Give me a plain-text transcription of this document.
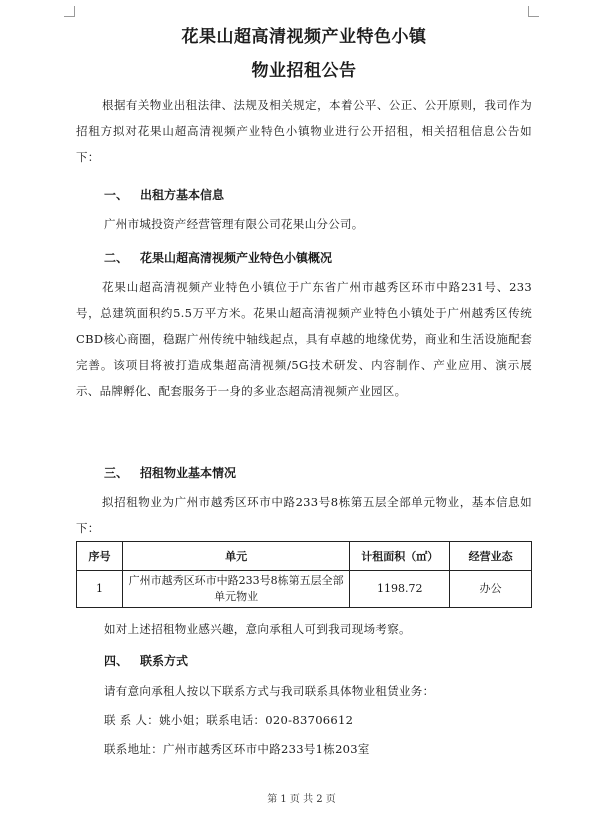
花果山超高清视频产业特色小镇
物业招租公告
根据有关物业出租法律、法规及相关规定，本着公平、公正、公开原则，我司作为招租方拟对花果山超高清视频产业特色小镇物业进行公开招租，相关招租信息公告如下：
一、 出租方基本信息
广州市城投资产经营管理有限公司花果山分公司。
二、 花果山超高清视频产业特色小镇概况
花果山超高清视频产业特色小镇位于广东省广州市越秀区环市中路231号、233号，总建筑面积约5.5万平方米。花果山超高清视频产业特色小镇处于广州越秀区传统CBD核心商圈，稳踞广州传统中轴线起点，具有卓越的地缘优势，商业和生活设施配套完善。该项目将被打造成集超高清视频/5G技术研发、内容制作、产业应用、演示展示、品牌孵化、配套服务于一身的多业态超高清视频产业园区。
三、 招租物业基本情况
拟招租物业为广州市越秀区环市中路233号8栋第五层全部单元物业，基本信息如下：
序号	单元	计租面积（㎡）	经营业态
1	广州市越秀区环市中路233号8栋第五层全部单元物业	1198.72	办公
如对上述招租物业感兴趣，意向承租人可到我司现场考察。
四、 联系方式
请有意向承租人按以下联系方式与我司联系具体物业租赁业务：
联 系 人：姚小姐；联系电话：020-83706612
联系地址：广州市越秀区环市中路233号1栋203室
第 1 页 共 2 页
